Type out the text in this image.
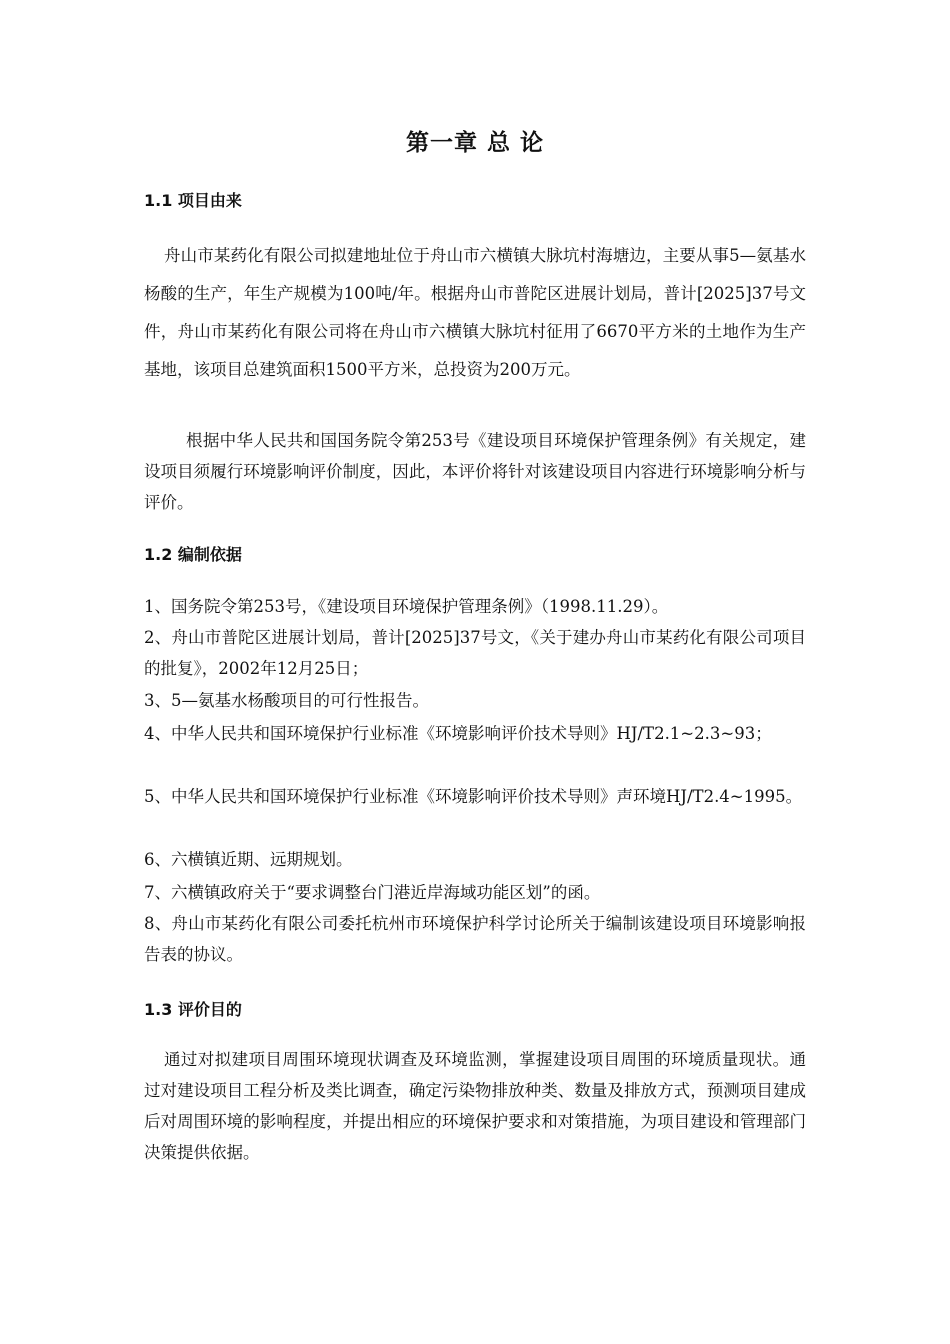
第一章 总 论
1.1 项目由来

舟山市某药化有限公司拟建地址位于舟山市六横镇大脉坑村海塘边，主要从事5—氨基水杨酸的生产，年生产规模为100吨/年。根据舟山市普陀区进展计划局，普计[2025]37号文件，舟山市某药化有限公司将在舟山市六横镇大脉坑村征用了6670平方米的土地作为生产基地，该项目总建筑面积1500平方米，总投资为200万元。

根据中华人民共和国国务院令第253号《建设项目环境保护管理条例》有关规定，建设项目须履行环境影响评价制度，因此，本评价将针对该建设项目内容进行环境影响分析与评价。

1.2 编制依据

1、国务院令第253号，《建设项目环境保护管理条例》（1998.11.29）。

2、舟山市普陀区进展计划局，普计[2025]37号文，《关于建办舟山市某药化有限公司项目的批复》，2002年12月25日；

3、5—氨基水杨酸项目的可行性报告。

4、中华人民共和国环境保护行业标准《环境影响评价技术导则》HJ/T2.1~2.3~93；

5、中华人民共和国环境保护行业标准《环境影响评价技术导则》声环境HJ/T2.4~1995。

6、六横镇近期、远期规划。

7、六横镇政府关于“要求调整台门港近岸海域功能区划”的函。

8、舟山市某药化有限公司委托杭州市环境保护科学讨论所关于编制该建设项目环境影响报告表的协议。

1.3 评价目的

通过对拟建项目周围环境现状调查及环境监测，掌握建设项目周围的环境质量现状。通过对建设项目工程分析及类比调查，确定污染物排放种类、数量及排放方式，预测项目建成后对周围环境的影响程度，并提出相应的环境保护要求和对策措施，为项目建设和管理部门决策提供依据。
